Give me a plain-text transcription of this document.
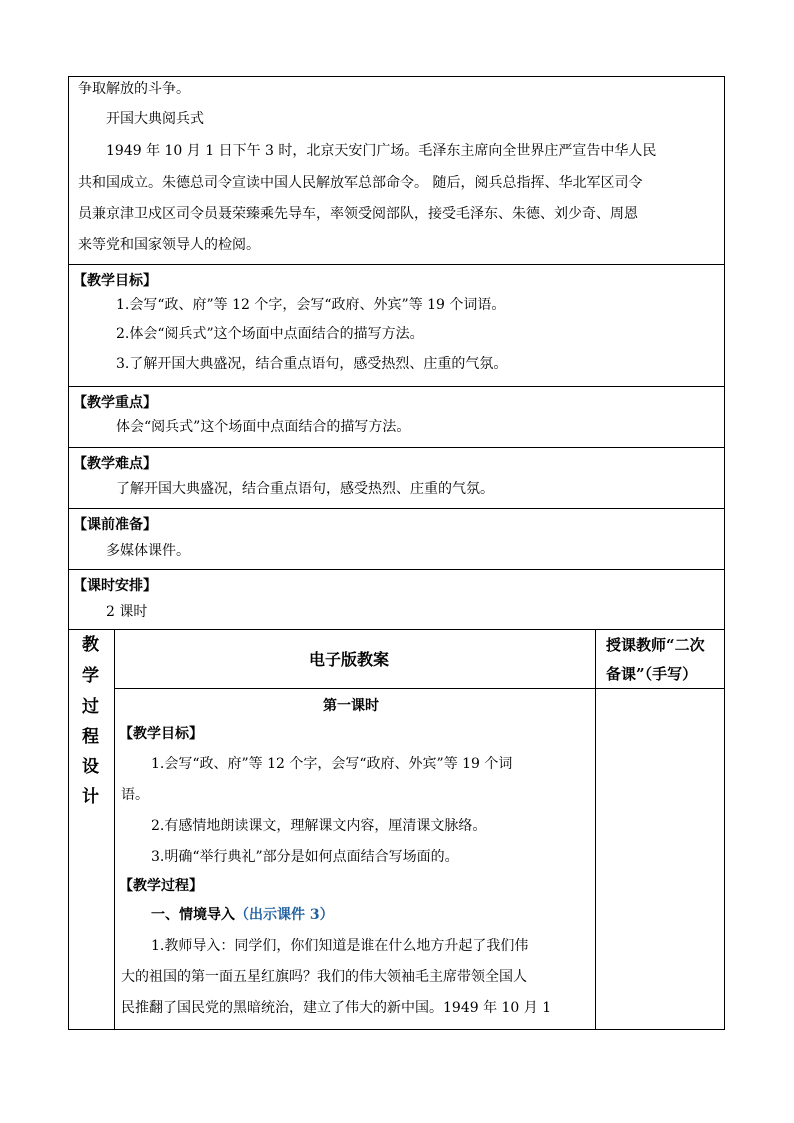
争取解放的斗争。
开国大典阅兵式
1949 年 10 月 1 日下午 3 时，北京天安门广场。毛泽东主席向全世界庄严宣告中华人民
共和国成立。朱德总司令宣读中国人民解放军总部命令。 随后，阅兵总指挥、华北军区司令
员兼京津卫戍区司令员聂荣臻乘先导车，率领受阅部队，接受毛泽东、朱德、刘少奇、周恩
来等党和国家领导人的检阅。
【教学目标】
1.会写“政、府”等 12 个字，会写“政府、外宾”等 19 个词语。
2.体会“阅兵式”这个场面中点面结合的描写方法。
3.了解开国大典盛况，结合重点语句，感受热烈、庄重的气氛。
【教学重点】
体会“阅兵式”这个场面中点面结合的描写方法。
【教学难点】
了解开国大典盛况，结合重点语句，感受热烈、庄重的气氛。
【课前准备】
多媒体课件。
【课时安排】
2 课时
教
学
过
程
设
计
电子版教案
授课教师“二次
备课”（手写）
第一课时
【教学目标】
1.会写“政、府”等 12 个字，会写“政府、外宾”等 19 个词
语。
2.有感情地朗读课文，理解课文内容，厘清课文脉络。
3.明确“举行典礼”部分是如何点面结合写场面的。
【教学过程】
一、情境导入（出示课件 3）
1.教师导入：同学们，你们知道是谁在什么地方升起了我们伟
大的祖国的第一面五星红旗吗？我们的伟大领袖毛主席带领全国人
民推翻了国民党的黑暗统治，建立了伟大的新中国。1949 年 10 月 1
